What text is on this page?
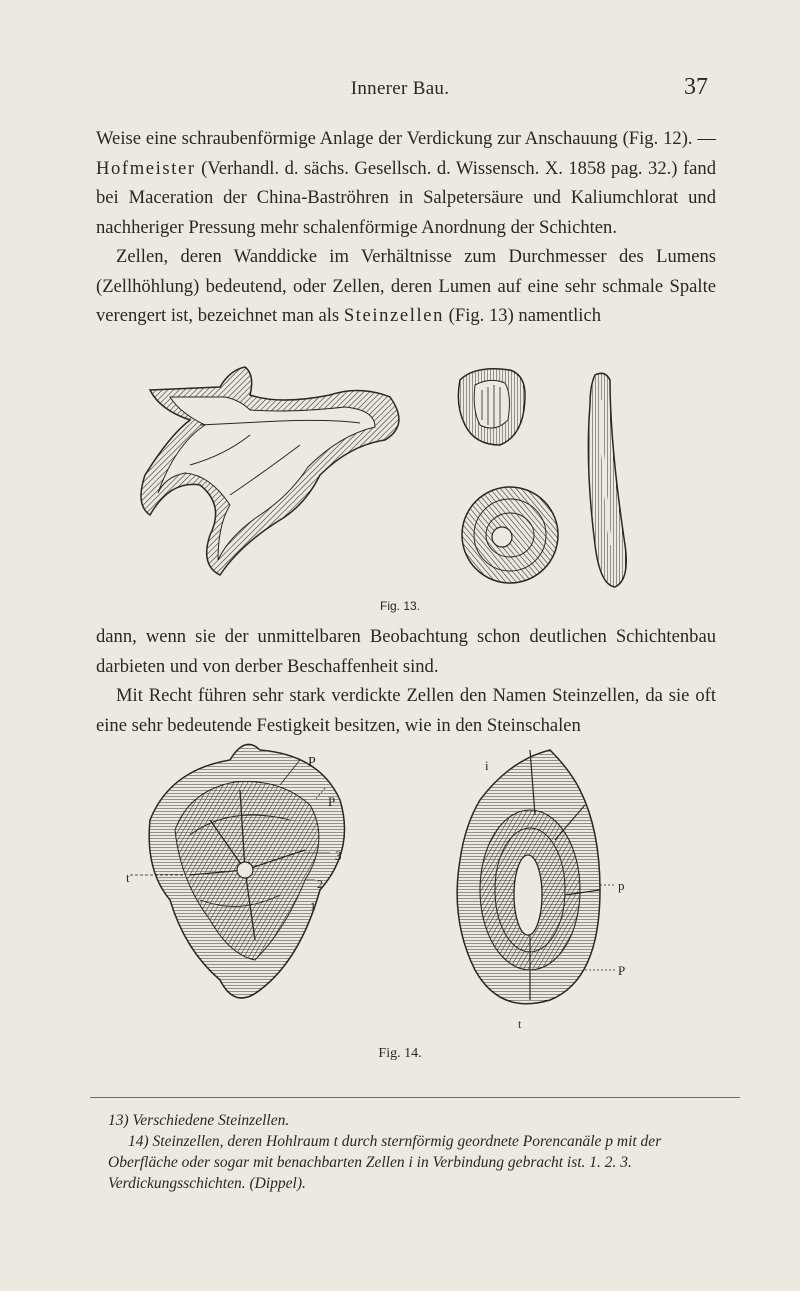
Innerer Bau.	37

Weise eine schraubenförmige Anlage der Verdickung zur Anschauung (Fig. 12). — Hofmeister (Verhandl. d. sächs. Gesellsch. d. Wissensch. X. 1858 pag. 32.) fand bei Maceration der China-Baströhren in Salpetersäure und Kaliumchlorat und nachheriger Pressung mehr schalenförmige Anordnung der Schichten.

Zellen, deren Wanddicke im Verhältnisse zum Durchmesser des Lumens (Zellhöhlung) bedeutend, oder Zellen, deren Lumen auf eine sehr schmale Spalte verengert ist, bezeichnet man als Steinzellen (Fig. 13) namentlich

Fig. 13.

dann, wenn sie der unmittelbaren Beobachtung schon deutlichen Schichtenbau darbieten und von derber Beschaffenheit sind.

Mit Recht führen sehr stark verdickte Zellen den Namen Steinzellen, da sie oft eine sehr bedeutende Festigkeit besitzen, wie in den Steinschalen

P
P
t
3
2
1
i
p
P
t
Fig. 14.

13) Verschiedene Steinzellen.

14) Steinzellen, deren Hohlraum t durch sternförmig geordnete Porencanäle p mit der Oberfläche oder sogar mit benachbarten Zellen i in Verbindung gebracht ist. 1. 2. 3. Verdickungsschichten. (Dippel).
